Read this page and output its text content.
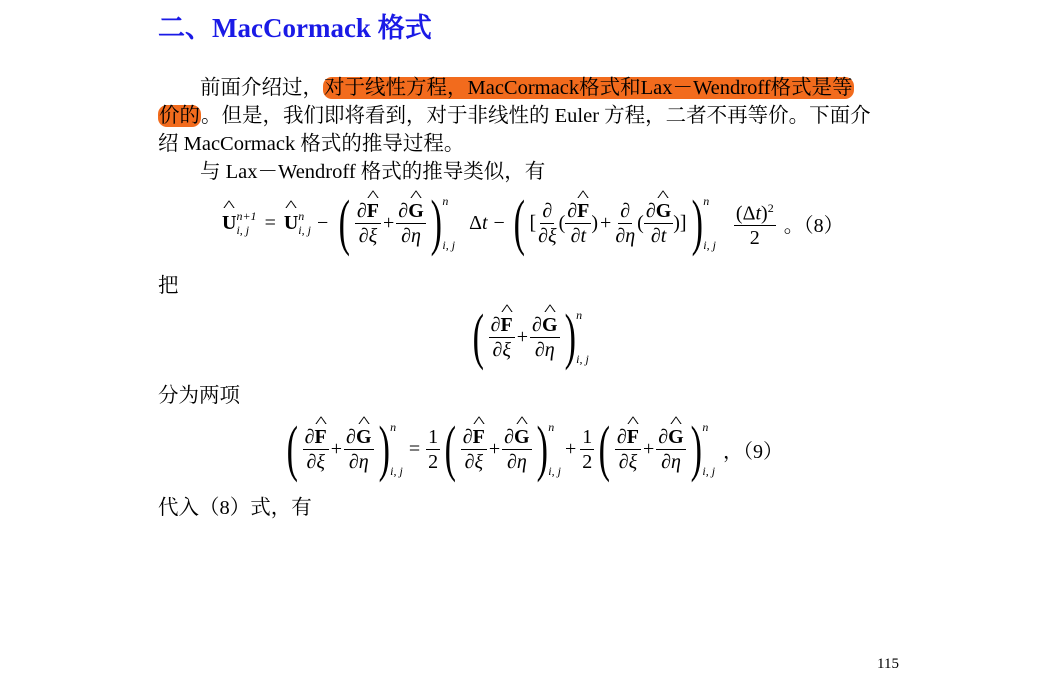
二、MacCormack 格式
前面介绍过，对于线性方程，MacCormack格式和Lax－Wendroff格式是等
价的。但是，我们即将看到，对于非线性的 Euler 方程，二者不再等价。下面介
绍 MacCormack 格式的推导过程。
与 Lax－Wendroff 格式的推导类似，有
^ U n+1
i, j =
^ U n
i, j − ( $\frac{\partial\^{} F}{\partial\xi} + \frac{\partial\^{} G}{\partial\eta}$ ) n
i, j
Δt − ( [ $\frac{\partial}{\partial\xi}$ ( $\frac{\partial\^{} F}{\partial t}$ ) + $\frac{\partial}{\partial\eta}$ ( $\frac{\partial\^{} G}{\partial t}$ )] ) n
i, j $\frac{(\Delta t)^2}{2}$ 。（8）
把
( $\frac{\partial\^{} F}{\partial\xi} + \frac{\partial\^{} G}{\partial\eta}$ ) n
i, j
分为两项
( $\frac{\partial\^{} F}{\partial\xi} + \frac{\partial\^{} G}{\partial\eta}$ ) n
i, j
= $\frac{1}{2}$ ( $\frac{\partial\^{} F}{\partial\xi} + \frac{\partial\^{} G}{\partial\eta}$ ) n
i, j
+ $\frac{1}{2}$ ( $\frac{\partial\^{} F}{\partial\xi} + \frac{\partial\^{} G}{\partial\eta}$ ) n
i, j
，（9）
代入（8）式，有
115
